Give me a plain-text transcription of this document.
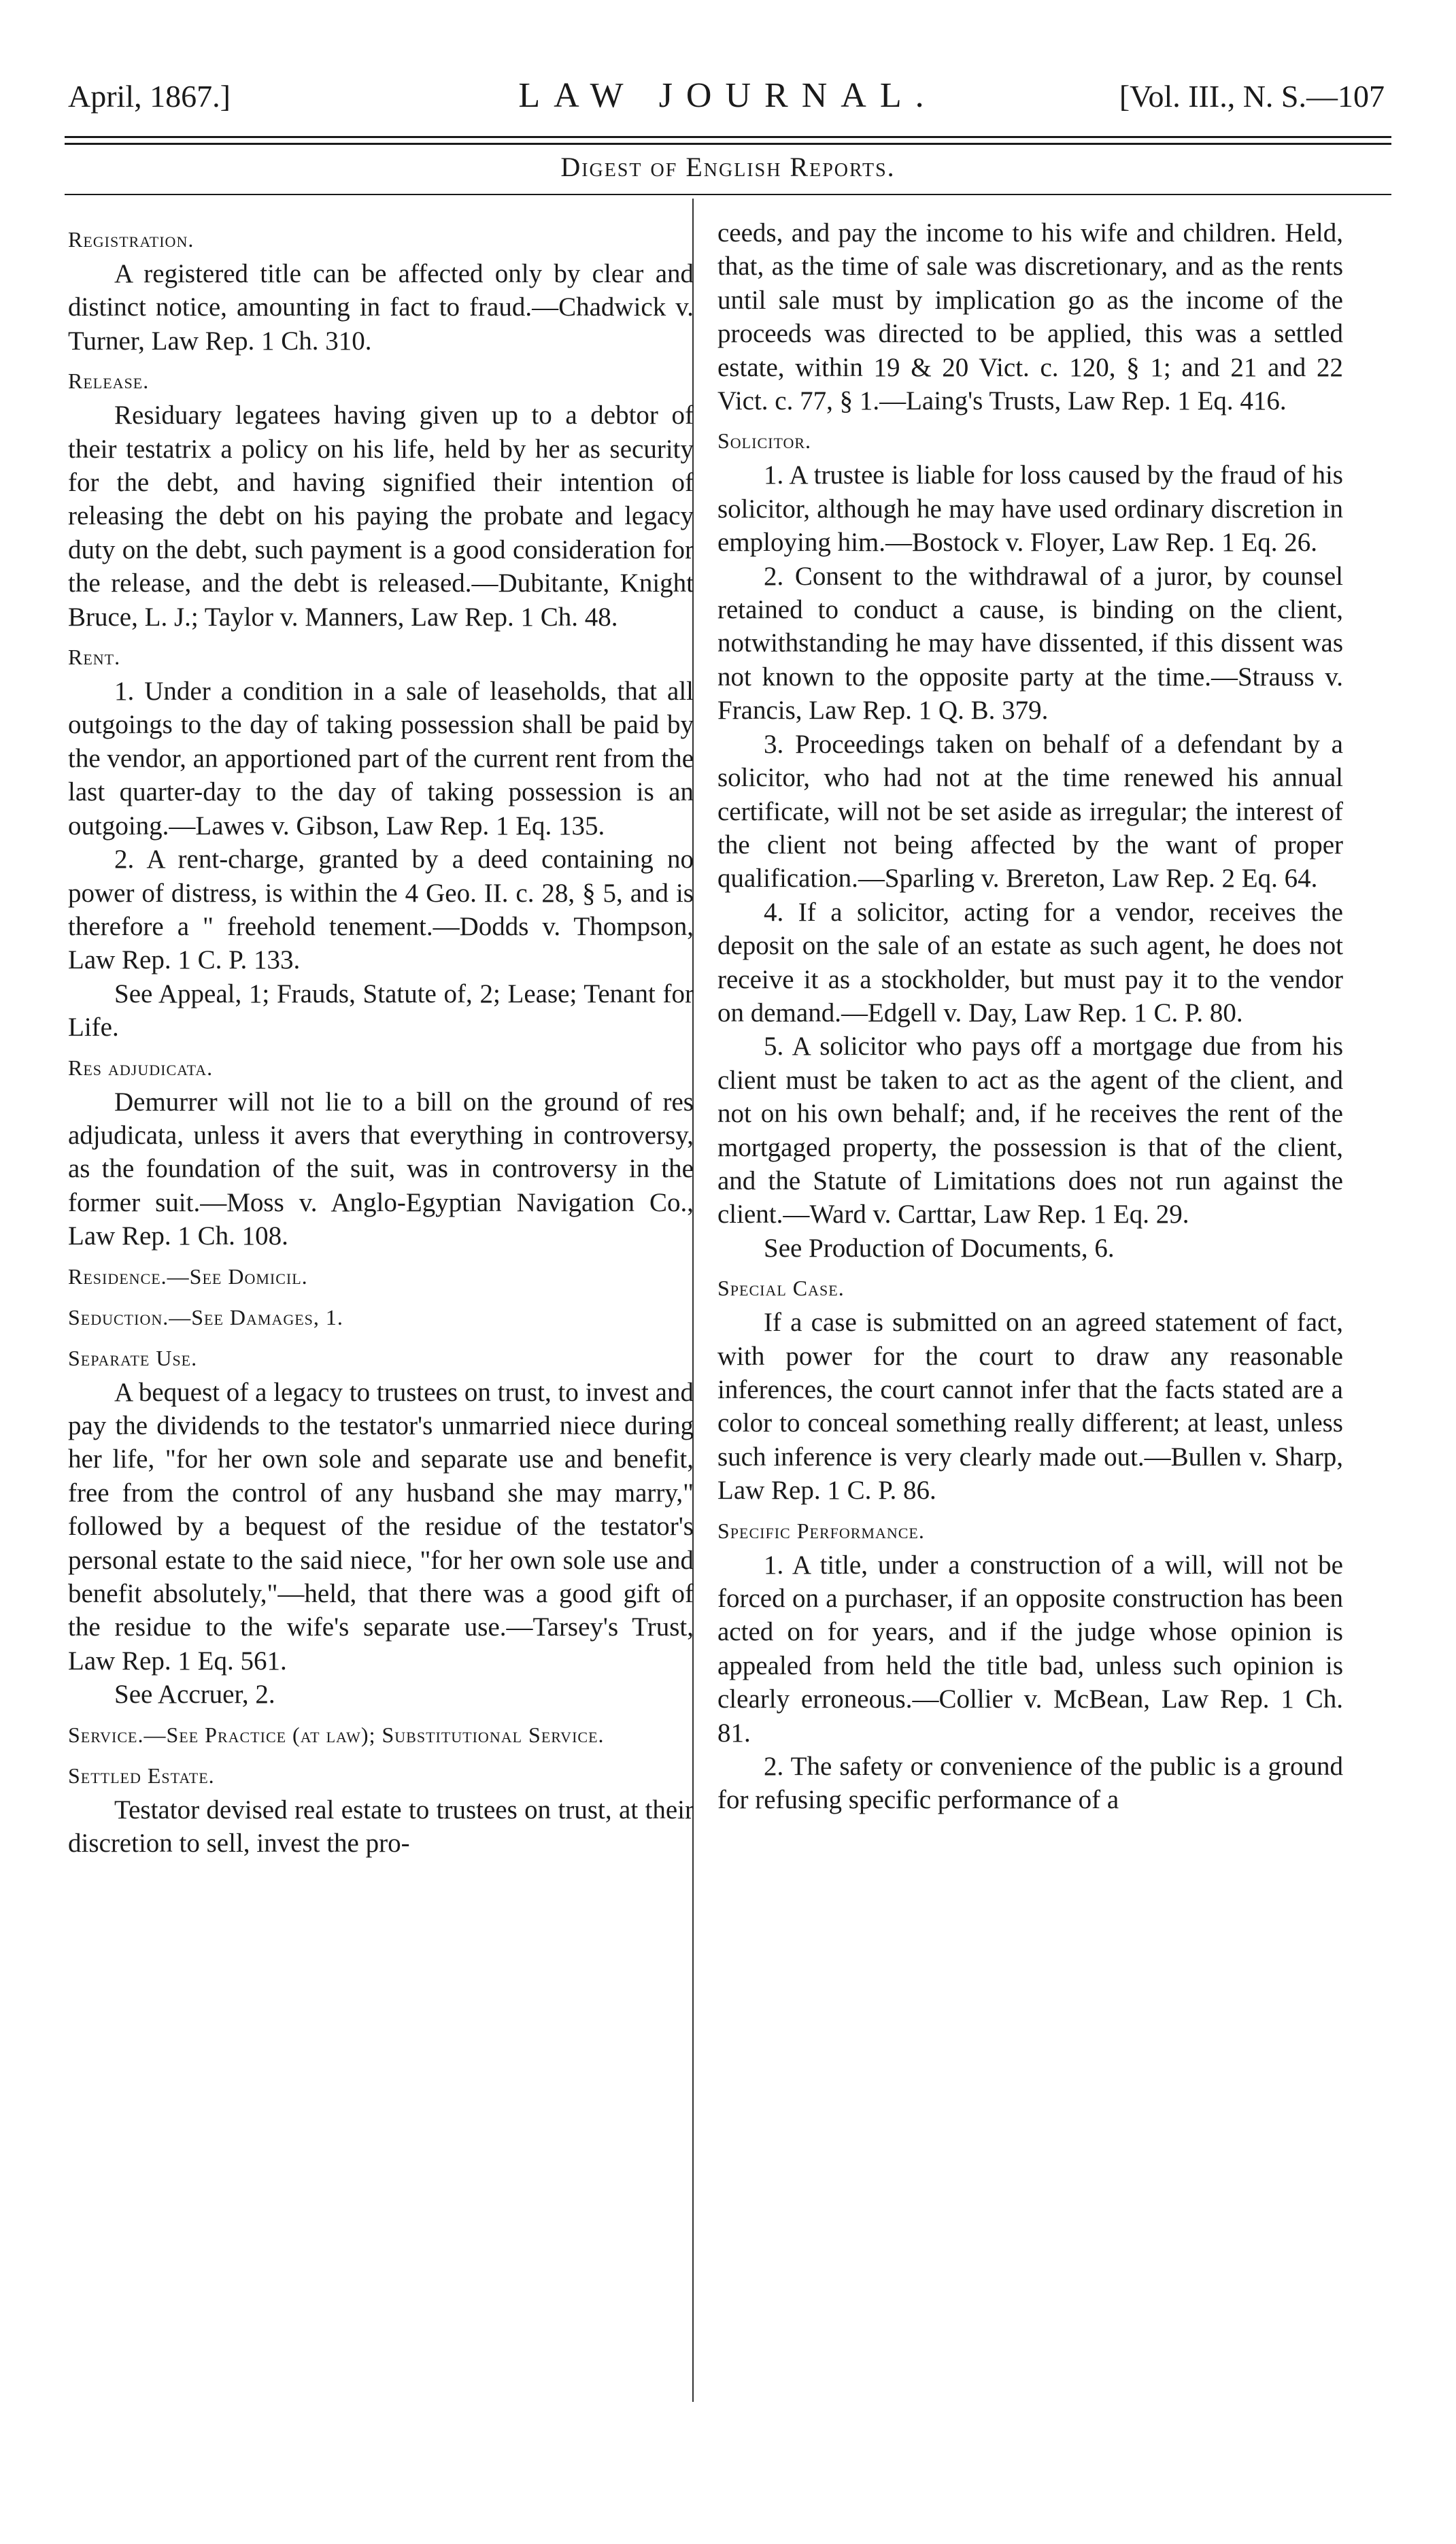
April, 1867.]	LAW JOURNAL.	[Vol. III., N. S.—107
Digest of English Reports.
Registration.

A registered title can be affected only by clear and distinct notice, amounting in fact to fraud.—Chadwick v. Turner, Law Rep. 1 Ch. 310.

Release.

Residuary legatees having given up to a debtor of their testatrix a policy on his life, held by her as security for the debt, and having signified their intention of releasing the debt on his paying the probate and legacy duty on the debt, such payment is a good consideration for the release, and the debt is released.—Dubitante, Knight Bruce, L. J.; Taylor v. Manners, Law Rep. 1 Ch. 48.

Rent.

1. Under a condition in a sale of leaseholds, that all outgoings to the day of taking possession shall be paid by the vendor, an apportioned part of the current rent from the last quarter-day to the day of taking possession is an outgoing.—Lawes v. Gibson, Law Rep. 1 Eq. 135.

2. A rent-charge, granted by a deed containing no power of distress, is within the 4 Geo. II. c. 28, § 5, and is therefore a " freehold tenement.—Dodds v. Thompson, Law Rep. 1 C. P. 133.

See Appeal, 1; Frauds, Statute of, 2; Lease; Tenant for Life.

Res adjudicata.

Demurrer will not lie to a bill on the ground of res adjudicata, unless it avers that everything in controversy, as the foundation of the suit, was in controversy in the former suit.—Moss v. Anglo-Egyptian Navigation Co., Law Rep. 1 Ch. 108.

Residence.—See Domicil.
Seduction.—See Damages, 1.
Separate Use.

A bequest of a legacy to trustees on trust, to invest and pay the dividends to the testator's unmarried niece during her life, "for her own sole and separate use and benefit, free from the control of any husband she may marry," followed by a bequest of the residue of the testator's personal estate to the said niece, "for her own sole use and benefit absolutely,"—held, that there was a good gift of the residue to the wife's separate use.—Tarsey's Trust, Law Rep. 1 Eq. 561.

See Accruer, 2.

Service.—See Practice (at law); Substitutional Service.
Settled Estate.

Testator devised real estate to trustees on trust, at their discretion to sell, invest the pro-

ceeds, and pay the income to his wife and children. Held, that, as the time of sale was discretionary, and as the rents until sale must by implication go as the income of the proceeds was directed to be applied, this was a settled estate, within 19 & 20 Vict. c. 120, § 1; and 21 and 22 Vict. c. 77, § 1.—Laing's Trusts, Law Rep. 1 Eq. 416.

Solicitor.

1. A trustee is liable for loss caused by the fraud of his solicitor, although he may have used ordinary discretion in employing him.—Bostock v. Floyer, Law Rep. 1 Eq. 26.

2. Consent to the withdrawal of a juror, by counsel retained to conduct a cause, is binding on the client, notwithstanding he may have dissented, if this dissent was not known to the opposite party at the time.—Strauss v. Francis, Law Rep. 1 Q. B. 379.

3. Proceedings taken on behalf of a defendant by a solicitor, who had not at the time renewed his annual certificate, will not be set aside as irregular; the interest of the client not being affected by the want of proper qualification.—Sparling v. Brereton, Law Rep. 2 Eq. 64.

4. If a solicitor, acting for a vendor, receives the deposit on the sale of an estate as such agent, he does not receive it as a stockholder, but must pay it to the vendor on demand.—Edgell v. Day, Law Rep. 1 C. P. 80.

5. A solicitor who pays off a mortgage due from his client must be taken to act as the agent of the client, and not on his own behalf; and, if he receives the rent of the mortgaged property, the possession is that of the client, and the Statute of Limitations does not run against the client.—Ward v. Carttar, Law Rep. 1 Eq. 29.

See Production of Documents, 6.

Special Case.

If a case is submitted on an agreed statement of fact, with power for the court to draw any reasonable inferences, the court cannot infer that the facts stated are a color to conceal something really different; at least, unless such inference is very clearly made out.—Bullen v. Sharp, Law Rep. 1 C. P. 86.

Specific Performance.

1. A title, under a construction of a will, will not be forced on a purchaser, if an opposite construction has been acted on for years, and if the judge whose opinion is appealed from held the title bad, unless such opinion is clearly erroneous.—Collier v. McBean, Law Rep. 1 Ch. 81.

2. The safety or convenience of the public is a ground for refusing specific performance of a
